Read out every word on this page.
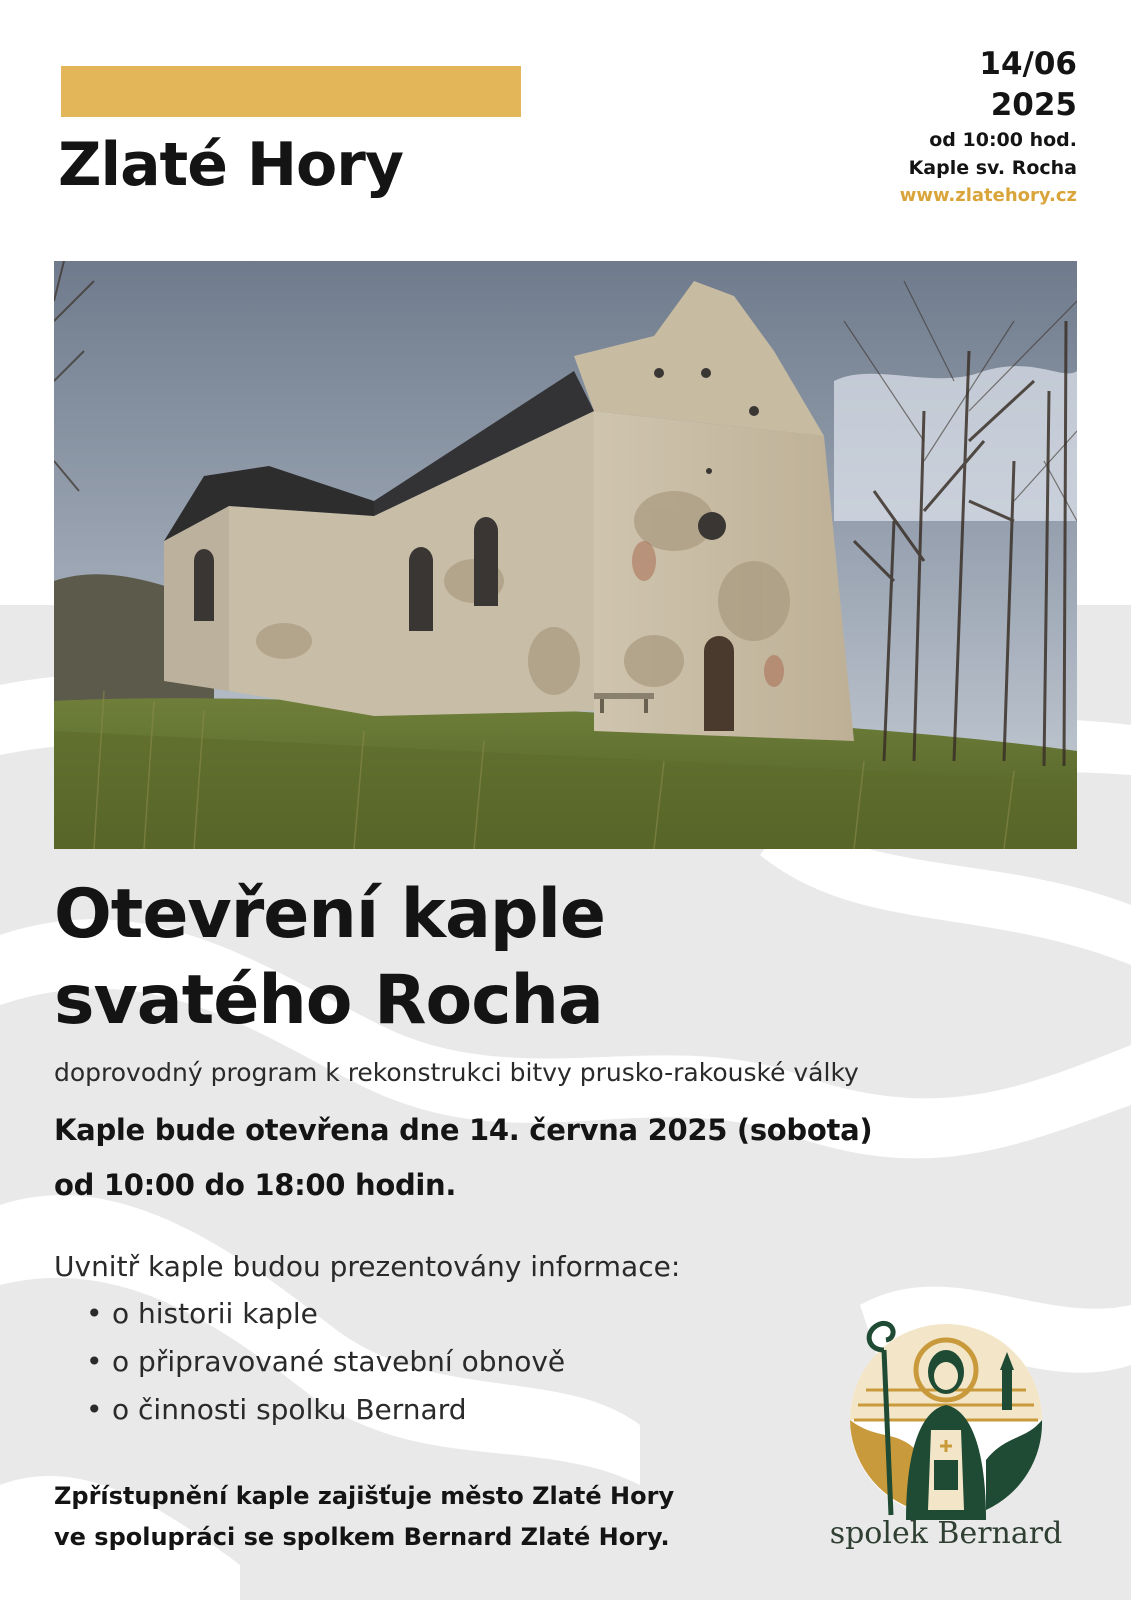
Zlaté Hory
14/06
2025
od 10:00 hod.
Kaple sv. Rocha
www.zlatehory.cz
Otevření kaple
svatého Rocha

doprovodný program k rekonstrukci bitvy prusko-rakouské války

Kaple bude otevřena dne 14. června 2025 (sobota)
od 10:00 do 18:00 hodin.

Uvnitř kaple budou prezentovány informace:

• o historii kaple
• o připravované stavební obnově
• o činnosti spolku Bernard

Zpřístupnění kaple zajišťuje město Zlaté Hory
ve spolupráci se spolkem Bernard Zlaté Hory.	spolek Bernard
